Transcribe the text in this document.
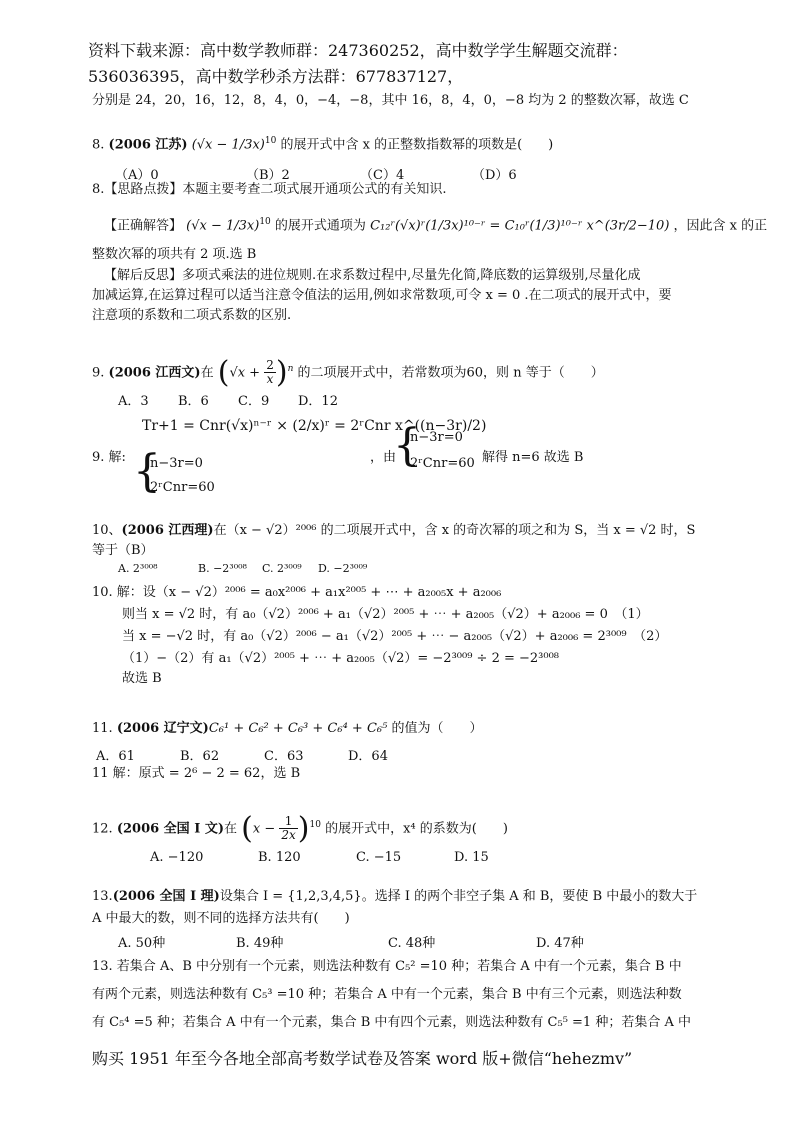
资料下载来源：高中数学教师群：247360252，高中数学学生解题交流群：
536036395，高中数学秒杀方法群：677837127，
分别是 24，20，16，12，8，4，0，−4，−8，其中 16，8，4，0，−8 均为 2 的整数次幂，故选 C
8. (2006 江苏) $(√x - 1/3x)^{10}$ 的展开式中含 x 的正整数指数幂的项数是(　　)
（A）0	（B）2	（C）4	（D）6
8.【思路点拨】本题主要考查二项式展开通项公式的有关知识.
【正确解答】 $(√x - 1/3x)^{10}$ 的展开式通项为 C₁₂ʳ(√x)ʳ(1/3x)¹⁰⁻ʳ = C₁₀ʳ(1/3)¹⁰⁻ʳ x^(3r/2−10) ，因此含 x 的正
整数次幂的项共有 2 项.选 B
【解后反思】多项式乘法的进位规则.在求系数过程中,尽量先化简,降底数的运算级别,尽量化成
加减运算,在运算过程可以适当注意令值法的运用,例如求常数项,可令 x = 0 .在二项式的展开式中，要
注意项的系数和二项式系数的区别.
9. (2006 江西文)在 $(√x + \frac{2}{x} )^n$ 的二项展开式中，若常数项为60，则 n 等于（　　）
A．3 B．6 C．9 D．12
Tr+1 = Cnr(√x)ⁿ⁻ʳ × (2/x)ʳ = 2ʳCnr x^((n−3r)/2)
9. 解: {
n−3r=0
2ʳCnr=60
，由
{
n−3r=0
2ʳCnr=60 解得 n=6 故选 B
10、(2006 江西理)在（x − √2）²⁰⁰⁶ 的二项展开式中，含 x 的奇次幂的项之和为 S，当 x = √2 时，S
等于（B）
A. 2³⁰⁰⁸	B. −2³⁰⁰⁸ C. 2³⁰⁰⁹ D. −2³⁰⁰⁹
10. 解：设（x − √2）²⁰⁰⁶ = a₀x²⁰⁰⁶ + a₁x²⁰⁰⁵ + ⋯ + a₂₀₀₅x + a₂₀₀₆
则当 x = √2 时，有 a₀（√2）²⁰⁰⁶ + a₁（√2）²⁰⁰⁵ + ⋯ + a₂₀₀₅（√2）+ a₂₀₀₆ = 0　（1）
当 x = −√2 时，有 a₀（√2）²⁰⁰⁶ − a₁（√2）²⁰⁰⁵ + ⋯ − a₂₀₀₅（√2）+ a₂₀₀₆ = 2³⁰⁰⁹　（2）
（1）−（2）有 a₁（√2）²⁰⁰⁵ + ⋯ + a₂₀₀₅（√2）= −2³⁰⁰⁹ ÷ 2 = −2³⁰⁰⁸
故选 B
11. (2006 辽宁文)C₆¹ + C₆² + C₆³ + C₆⁴ + C₆⁵ 的值为（　　）
A．61	B．62	C．63	D．64
11 解：原式 = 2⁶ − 2 = 62，选 B
12. (2006 全国 I 文)在 $(x - \frac{1}{2x} )^{10}$ 的展开式中，x⁴ 的系数为(　　)
A. −120	B. 120	C. −15	D. 15
13.(2006 全国 I 理)设集合 I = {1,2,3,4,5}。选择 I 的两个非空子集 A 和 B，要使 B 中最小的数大于
A 中最大的数，则不同的选择方法共有(　　)
A. 50种	B. 49种	C. 48种	D. 47种
13. 若集合 A、B 中分别有一个元素，则选法种数有 C₅² =10 种；若集合 A 中有一个元素，集合 B 中
有两个元素，则选法种数有 C₅³ =10 种；若集合 A 中有一个元素，集合 B 中有三个元素，则选法种数
有 C₅⁴ =5 种；若集合 A 中有一个元素，集合 B 中有四个元素，则选法种数有 C₅⁵ =1 种；若集合 A 中
购买 1951 年至今各地全部高考数学试卷及答案 word 版+微信“hehezmv”
